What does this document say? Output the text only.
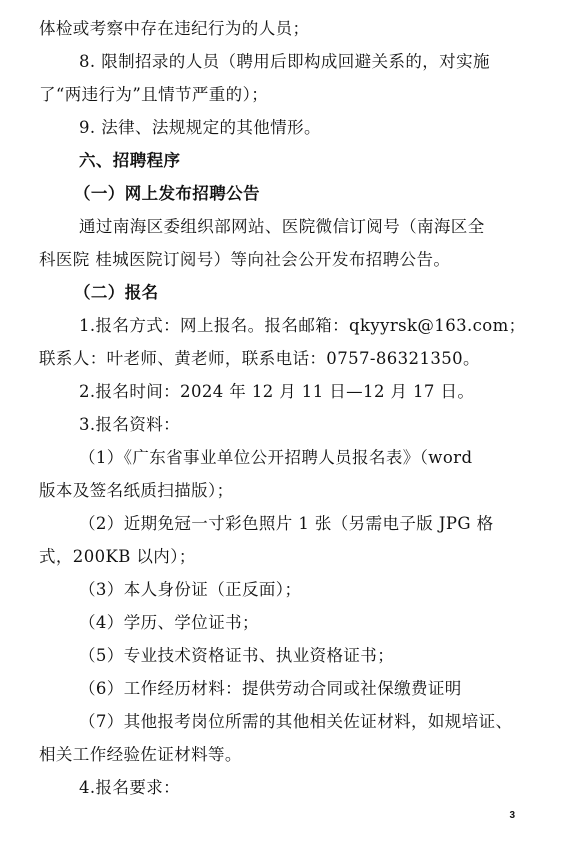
体检或考察中存在违纪行为的人员；
8. 限制招录的人员（聘用后即构成回避关系的，对实施
了“两违行为”且情节严重的）；
9. 法律、法规规定的其他情形。
六、招聘程序
（一）网上发布招聘公告
通过南海区委组织部网站、医院微信订阅号（南海区全
科医院 桂城医院订阅号）等向社会公开发布招聘公告。
（二）报名
1.报名方式：网上报名。报名邮箱：qkyyrsk@163.com；
联系人：叶老师、黄老师，联系电话：0757-86321350。
2.报名时间：2024 年 12 月 11 日—12 月 17 日。
3.报名资料：
（1）《广东省事业单位公开招聘人员报名表》（word
版本及签名纸质扫描版）；
（2）近期免冠一寸彩色照片 1 张（另需电子版 JPG 格
式，200KB 以内）；
（3）本人身份证（正反面）；
（4）学历、学位证书；
（5）专业技术资格证书、执业资格证书；
（6）工作经历材料：提供劳动合同或社保缴费证明
（7）其他报考岗位所需的其他相关佐证材料，如规培证、
相关工作经验佐证材料等。
4.报名要求：
3
